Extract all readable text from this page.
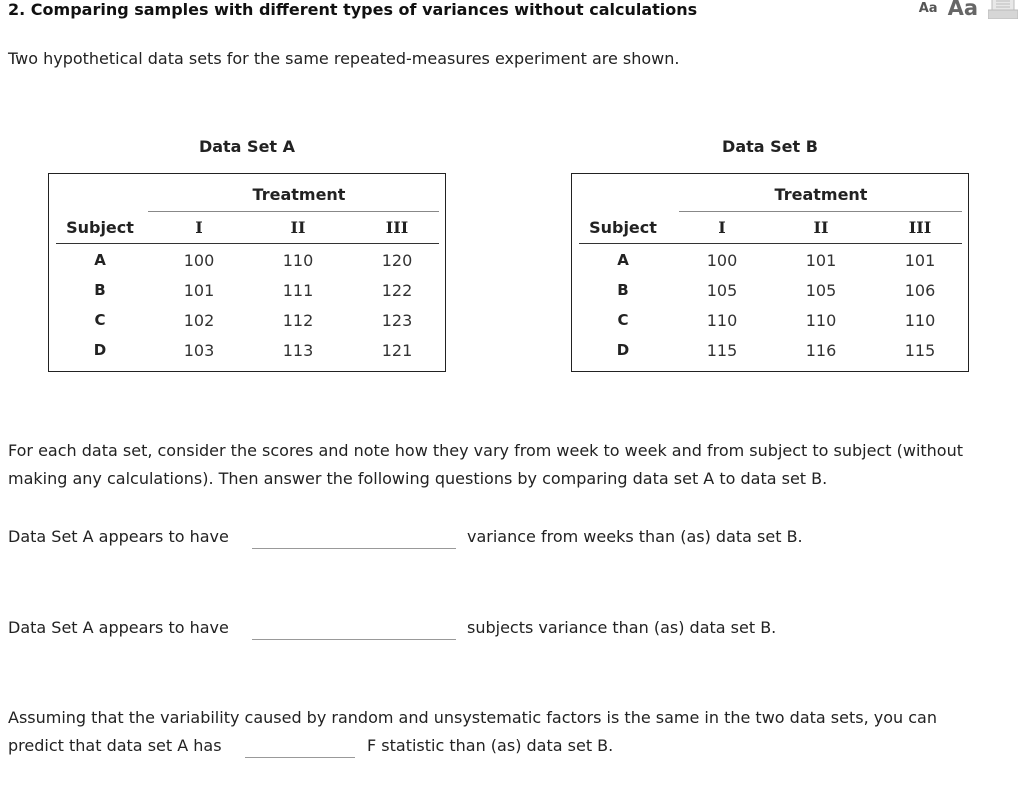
2. Comparing samples with different types of variances without calculations	Aa Aa
Two hypothetical data sets for the same repeated-measures experiment are shown.
Data Set A
Treatment
Subject	I	II	III
A	100	110	120
B	101	111	122
C	102	112	123
D	103	113	121
Data Set B
Treatment
Subject	I	II	III
A	100	101	101
B	105	105	106
C	110	110	110
D	115	116	115
For each data set, consider the scores and note how they vary from week to week and from subject to subject (without making any calculations). Then answer the following questions by comparing data set A to data set B.
Data Set A appears to have	variance from weeks than (as) data set B.
Data Set A appears to have	subjects variance than (as) data set B.
Assuming that the variability caused by random and unsystematic factors is the same in the two data sets, you can
predict that data set A has	F statistic than (as) data set B.
